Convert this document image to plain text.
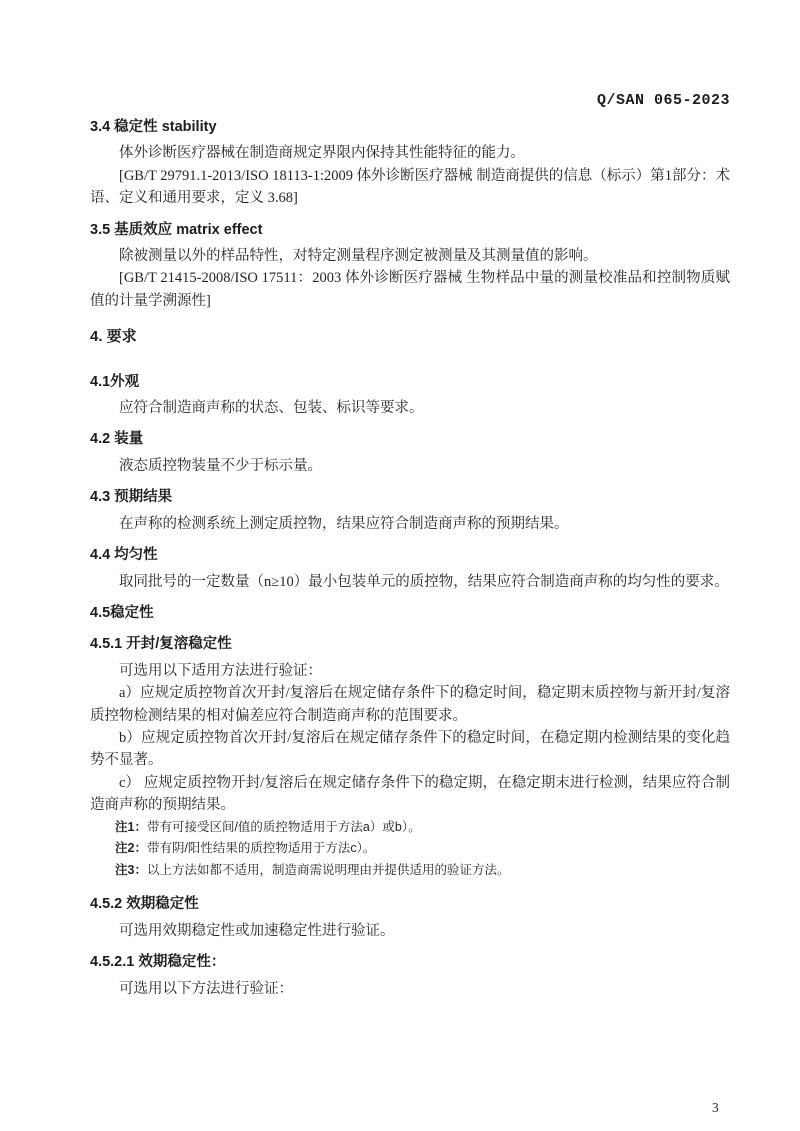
Q/SAN 065-2023
3.4 稳定性 stability

体外诊断医疗器械在制造商规定界限内保持其性能特征的能力。

[GB/T 29791.1-2013/ISO 18113-1:2009 体外诊断医疗器械 制造商提供的信息（标示）第1部分：术语、定义和通用要求，定义 3.68]

3.5 基质效应 matrix effect

除被测量以外的样品特性，对特定测量程序测定被测量及其测量值的影响。

[GB/T 21415-2008/ISO 17511：2003 体外诊断医疗器械 生物样品中量的测量校准品和控制物质赋值的计量学溯源性]

4. 要求
4.1外观

应符合制造商声称的状态、包装、标识等要求。

4.2 装量

液态质控物装量不少于标示量。

4.3 预期结果

在声称的检测系统上测定质控物，结果应符合制造商声称的预期结果。

4.4 均匀性

取同批号的一定数量（n≥10）最小包装单元的质控物，结果应符合制造商声称的均匀性的要求。

4.5稳定性
4.5.1 开封/复溶稳定性

可选用以下适用方法进行验证：

a）应规定质控物首次开封/复溶后在规定储存条件下的稳定时间，稳定期末质控物与新开封/复溶质控物检测结果的相对偏差应符合制造商声称的范围要求。

b）应规定质控物首次开封/复溶后在规定储存条件下的稳定时间，在稳定期内检测结果的变化趋势不显著。

c） 应规定质控物开封/复溶后在规定储存条件下的稳定期，在稳定期末进行检测，结果应符合制造商声称的预期结果。

注1：带有可接受区间/值的质控物适用于方法a）或b）。

注2：带有阴/阳性结果的质控物适用于方法c）。

注3：以上方法如都不适用，制造商需说明理由并提供适用的验证方法。

4.5.2 效期稳定性

可选用效期稳定性或加速稳定性进行验证。

4.5.2.1 效期稳定性：

可选用以下方法进行验证：

3
